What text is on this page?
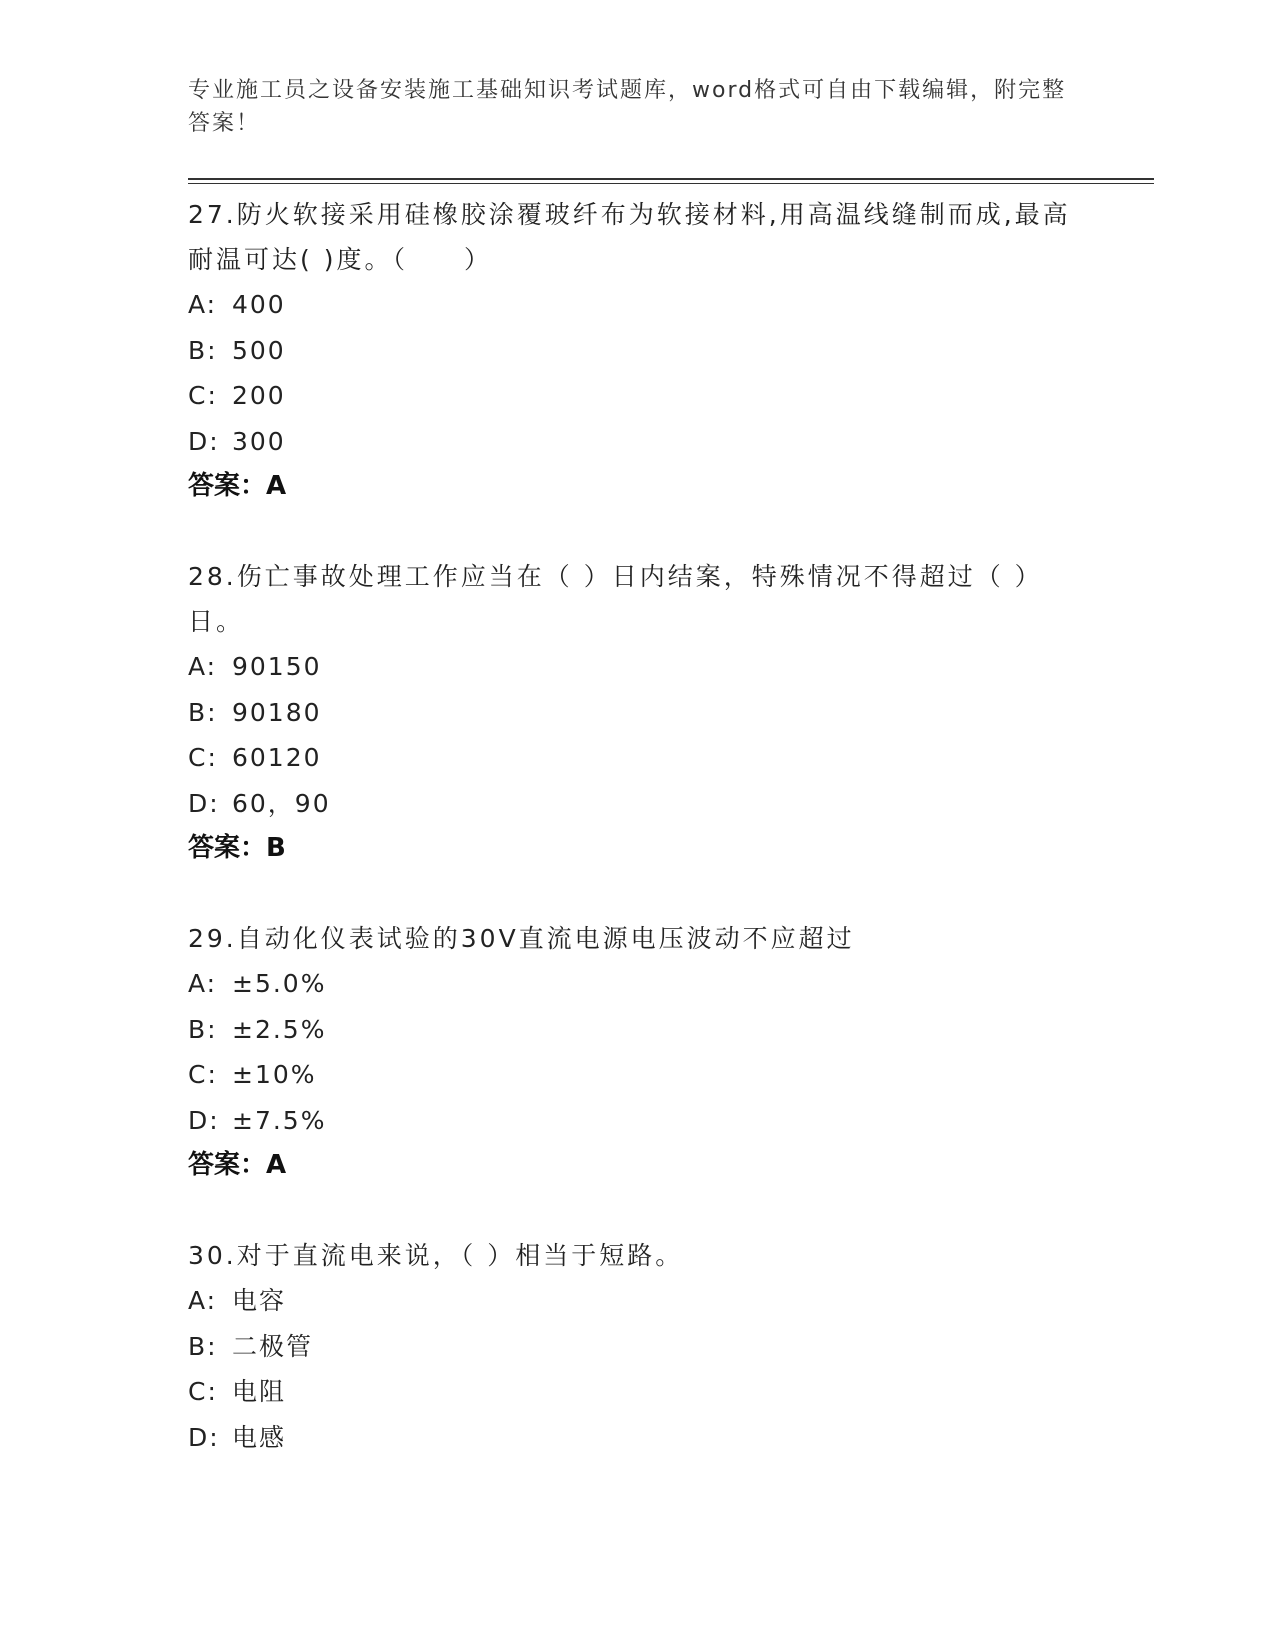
专业施工员之设备安装施工基础知识考试题库，word格式可自由下载编辑，附完整答案！
27.防火软接采用硅橡胶涂覆玻纤布为软接材料,用高温线缝制而成,最高耐温可达( )度。（　　）
A: 400
B: 500
C: 200
D: 300
答案：A
28.伤亡事故处理工作应当在（ ）日内结案，特殊情况不得超过（ ）日。
A: 90150
B: 90180
C: 60120
D: 60，90
答案：B
29.自动化仪表试验的30V直流电源电压波动不应超过
A: ±5.0%
B: ±2.5%
C: ±10%
D: ±7.5%
答案：A
30.对于直流电来说，（ ）相当于短路。
A: 电容
B: 二极管
C: 电阻
D: 电感
